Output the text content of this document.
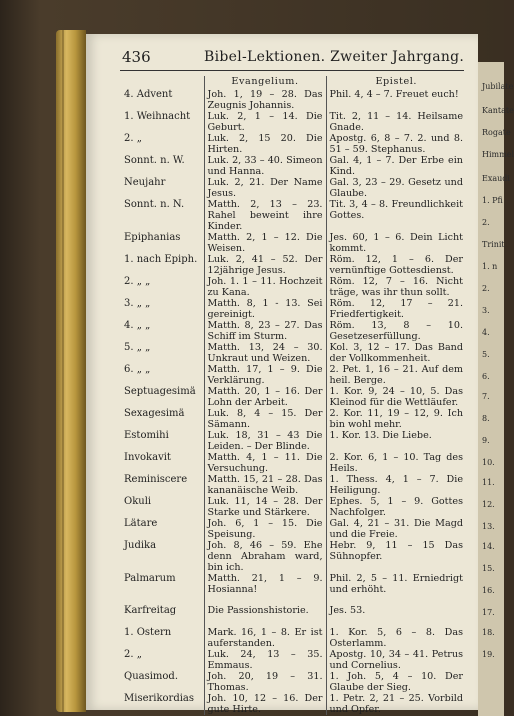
436	Bibel-Lektionen. Zweiter Jahrgang.
	Evangelium.	Epistel.
4. Advent	Joh. 1, 19 – 28. Das Zeugnis Johannis.	Phil. 4, 4 – 7. Freuet euch!
1. Weihnacht	Luk. 2, 1 – 14. Die Geburt.	Tit. 2, 11 – 14. Heilsame Gnade.
2. „	Luk. 2, 15 20. Die Hirten.	Apostg. 6, 8 – 7. 2. und 8. 51 – 59. Stephanus.
Sonnt. n. W.	Luk. 2, 33 – 40. Simeon und Hanna.	Gal. 4, 1 – 7. Der Erbe ein Kind.
Neujahr	Luk. 2, 21. Der Name Jesus.	Gal. 3, 23 – 29. Gesetz und Glaube.
Sonnt. n. N.	Matth. 2, 13 – 23. Rahel beweint ihre Kinder.	Tit. 3, 4 – 8. Freundlichkeit Gottes.
Epiphanias	Matth. 2, 1 – 12. Die Weisen.	Jes. 60, 1 – 6. Dein Licht kommt.
1. nach Epiph.	Luk. 2, 41 – 52. Der 12jährige Jesus.	Röm. 12, 1 – 6. Der vernünftige Gottesdienst.
2. „ „	Joh. 1. 1 – 11. Hochzeit zu Kana.	Röm. 12, 7 – 16. Nicht träge, was ihr thun sollt.
3. „ „	Matth. 8, 1 - 13. Sei gereinigt.	Röm. 12, 17 – 21. Friedfertigkeit.
4. „ „	Matth. 8, 23 – 27. Das Schiff im Sturm.	Röm. 13, 8 – 10. Gesetzeserfüllung.
5. „ „	Matth. 13, 24 – 30. Unkraut und Weizen.	Kol. 3, 12 – 17. Das Band der Vollkommenheit.
6. „ „	Matth. 17, 1 – 9. Die Verklärung.	2. Pet. 1, 16 – 21. Auf dem heil. Berge.
Septuagesimä	Matth. 20, 1 – 16. Der Lohn der Arbeit.	1. Kor. 9, 24 – 10, 5. Das Kleinod für die Wettläufer.
Sexagesimä	Luk. 8, 4 – 15. Der Sämann.	2. Kor. 11, 19 – 12, 9. Ich bin wohl mehr.
Estomihi	Luk. 18, 31 – 43 Die Leiden. – Der Blinde.	1. Kor. 13. Die Liebe.
Invokavit	Matth. 4, 1 – 11. Die Versuchung.	2. Kor. 6, 1 – 10. Tag des Heils.
Reminiscere	Matth. 15, 21 – 28. Das kananäische Weib.	1. Thess. 4, 1 – 7. Die Heiligung.
Okuli	Luk. 11, 14 – 28. Der Starke und Stärkere.	Ephes. 5, 1 – 9. Gottes Nachfolger.
Lätare	Joh. 6, 1 – 15. Die Speisung.	Gal. 4, 21 – 31. Die Magd und die Freie.
Judika	Joh. 8, 46 – 59. Ehe denn Abraham ward, bin ich.	Hebr. 9, 11 – 15 Das Sühnopfer.
Palmarum	Matth. 21, 1 – 9. Hosianna!	Phil. 2, 5 – 11. Erniedrigt und erhöht.

Karfreitag	Die Passionshistorie.	Jes. 53.
1. Ostern	Mark. 16, 1 – 8. Er ist auferstanden.	1. Kor. 5, 6 – 8. Das Osterlamm.
2. „	Luk. 24, 13 – 35. Emmaus.	Apostg. 10, 34 – 41. Petrus und Cornelius.
Quasimod.	Joh. 20, 19 – 31. Thomas.	1. Joh. 5, 4 – 10. Der Glaube der Sieg.
Miserikordias	Joh. 10, 12 – 16. Der gute Hirte.	1. Petr. 2, 21 – 25. Vorbild und Opfer.
Jubilate
Kantate
Rogate
Himmel
Exaudi
1. Pfi
2.
Trinit
1. n
2.
3.
4.
5.
6.
7.
8.
9.
10.
11.
12.
13.
14.
15.
16.
17.
18.
19.
